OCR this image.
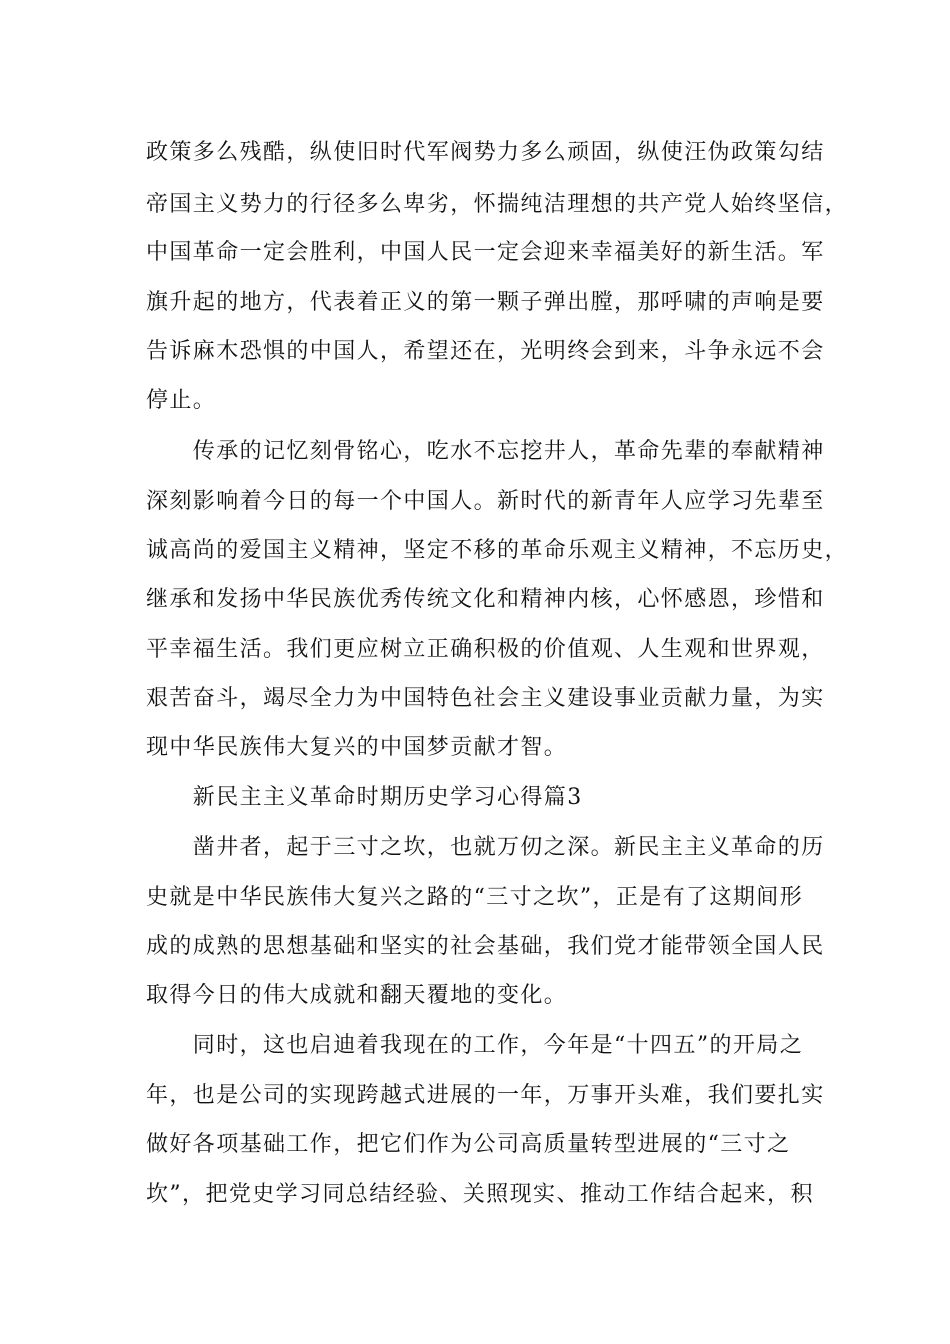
政策多么残酷，纵使旧时代军阀势力多么顽固，纵使汪伪政策勾结
帝国主义势力的行径多么卑劣，怀揣纯洁理想的共产党人始终坚信，
中国革命一定会胜利，中国人民一定会迎来幸福美好的新生活。军
旗升起的地方，代表着正义的第一颗子弹出膛，那呼啸的声响是要
告诉麻木恐惧的中国人，希望还在，光明终会到来，斗争永远不会
停止。
　　传承的记忆刻骨铭心，吃水不忘挖井人，革命先辈的奉献精神
深刻影响着今日的每一个中国人。新时代的新青年人应学习先辈至
诚高尚的爱国主义精神，坚定不移的革命乐观主义精神，不忘历史，
继承和发扬中华民族优秀传统文化和精神内核，心怀感恩，珍惜和
平幸福生活。我们更应树立正确积极的价值观、人生观和世界观，
艰苦奋斗，竭尽全力为中国特色社会主义建设事业贡献力量，为实
现中华民族伟大复兴的中国梦贡献才智。
　　新民主主义革命时期历史学习心得篇3
　　凿井者，起于三寸之坎，也就万仞之深。新民主主义革命的历
史就是中华民族伟大复兴之路的“三寸之坎”，正是有了这期间形
成的成熟的思想基础和坚实的社会基础，我们党才能带领全国人民
取得今日的伟大成就和翻天覆地的变化。
　　同时，这也启迪着我现在的工作，今年是“十四五”的开局之
年，也是公司的实现跨越式进展的一年，万事开头难，我们要扎实
做好各项基础工作，把它们作为公司高质量转型进展的“三寸之
坎”，把党史学习同总结经验、关照现实、推动工作结合起来，积
